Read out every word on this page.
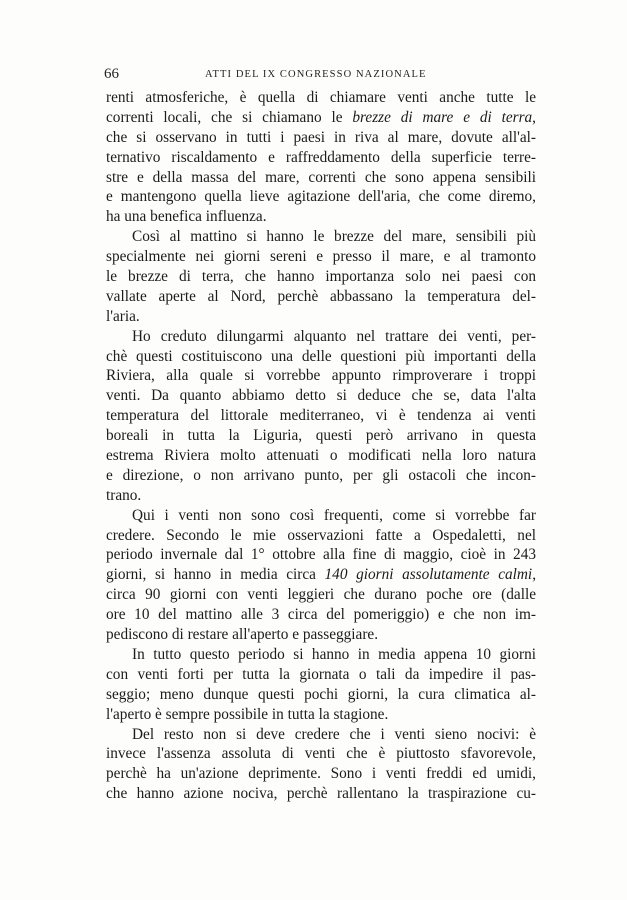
66	ATTI DEL IX CONGRESSO NAZIONALE
renti atmosferiche, è quella di chiamare venti anche tutte le
correnti locali, che si chiamano le brezze di mare e di terra,
che si osservano in tutti i paesi in riva al mare, dovute all'al-
ternativo riscaldamento e raffreddamento della superficie terre-
stre e della massa del mare, correnti che sono appena sensibili
e mantengono quella lieve agitazione dell'aria, che come diremo,
ha una benefica influenza.
Così al mattino si hanno le brezze del mare, sensibili più
specialmente nei giorni sereni e presso il mare, e al tramonto
le brezze di terra, che hanno importanza solo nei paesi con
vallate aperte al Nord, perchè abbassano la temperatura del-
l'aria.
Ho creduto dilungarmi alquanto nel trattare dei venti, per-
chè questi costituiscono una delle questioni più importanti della
Riviera, alla quale si vorrebbe appunto rimproverare i troppi
venti. Da quanto abbiamo detto si deduce che se, data l'alta
temperatura del littorale mediterraneo, vi è tendenza ai venti
boreali in tutta la Liguria, questi però arrivano in questa
estrema Riviera molto attenuati o modificati nella loro natura
e direzione, o non arrivano punto, per gli ostacoli che incon-
trano.
Qui i venti non sono così frequenti, come si vorrebbe far
credere. Secondo le mie osservazioni fatte a Ospedaletti, nel
periodo invernale dal 1° ottobre alla fine di maggio, cioè in 243
giorni, si hanno in media circa 140 giorni assolutamente calmi,
circa 90 giorni con venti leggieri che durano poche ore (dalle
ore 10 del mattino alle 3 circa del pomeriggio) e che non im-
pediscono di restare all'aperto e passeggiare.
In tutto questo periodo si hanno in media appena 10 giorni
con venti forti per tutta la giornata o tali da impedire il pas-
seggio; meno dunque questi pochi giorni, la cura climatica al-
l'aperto è sempre possibile in tutta la stagione.
Del resto non si deve credere che i venti sieno nocivi: è
invece l'assenza assoluta di venti che è piuttosto sfavorevole,
perchè ha un'azione deprimente. Sono i venti freddi ed umidi,
che hanno azione nociva, perchè rallentano la traspirazione cu-
